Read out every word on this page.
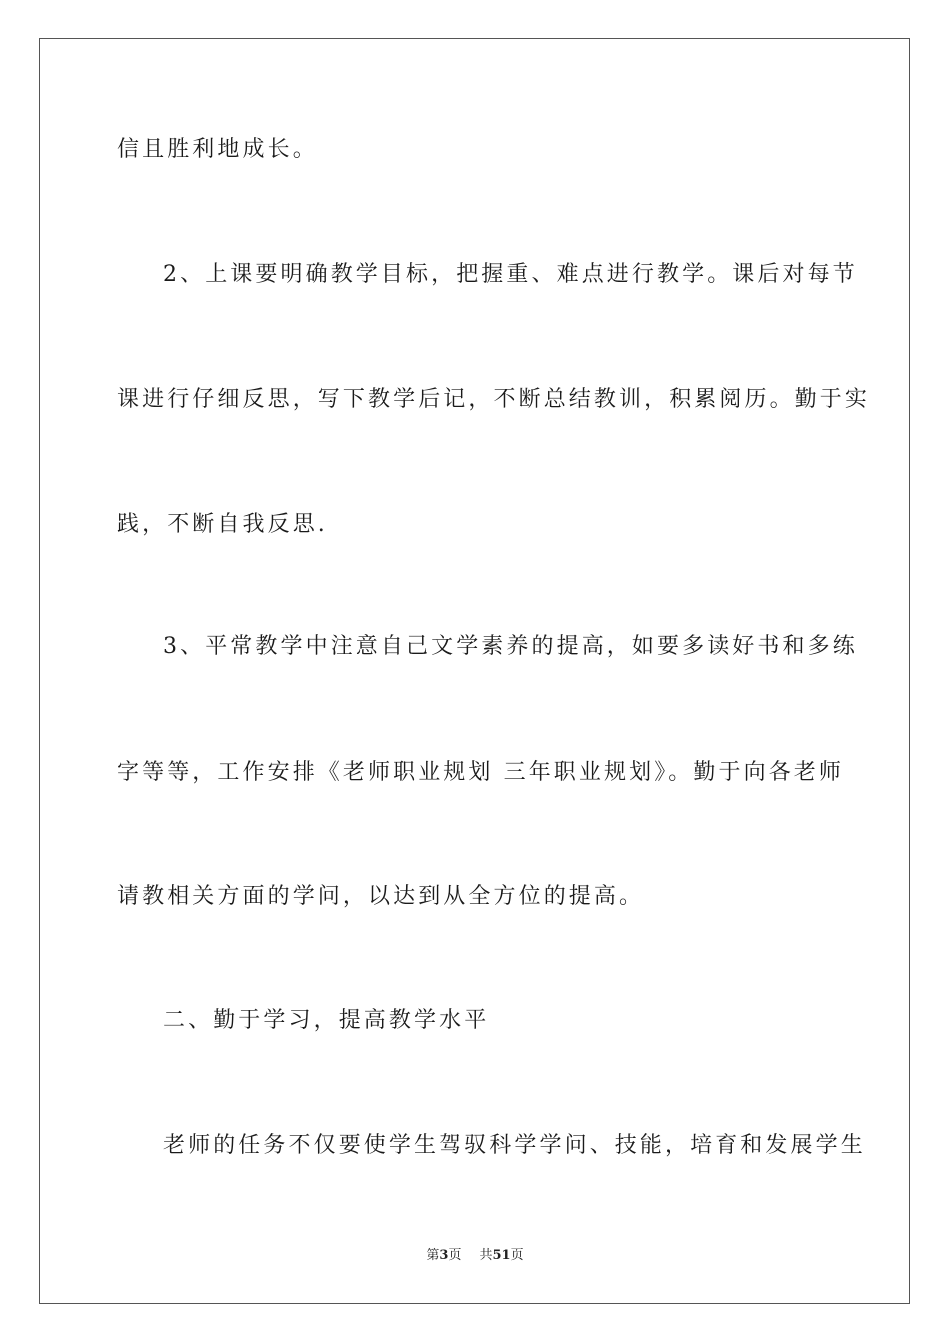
信且胜利地成长。
2、上课要明确教学目标，把握重、难点进行教学。课后对每节
课进行仔细反思，写下教学后记，不断总结教训，积累阅历。勤于实
践，不断自我反思.
3、平常教学中注意自己文学素养的提高，如要多读好书和多练
字等等，工作安排《老师职业规划 三年职业规划》。勤于向各老师
请教相关方面的学问，以达到从全方位的提高。
二、勤于学习，提高教学水平
老师的任务不仅要使学生驾驭科学学问、技能，培育和发展学生
第3页 共51页
